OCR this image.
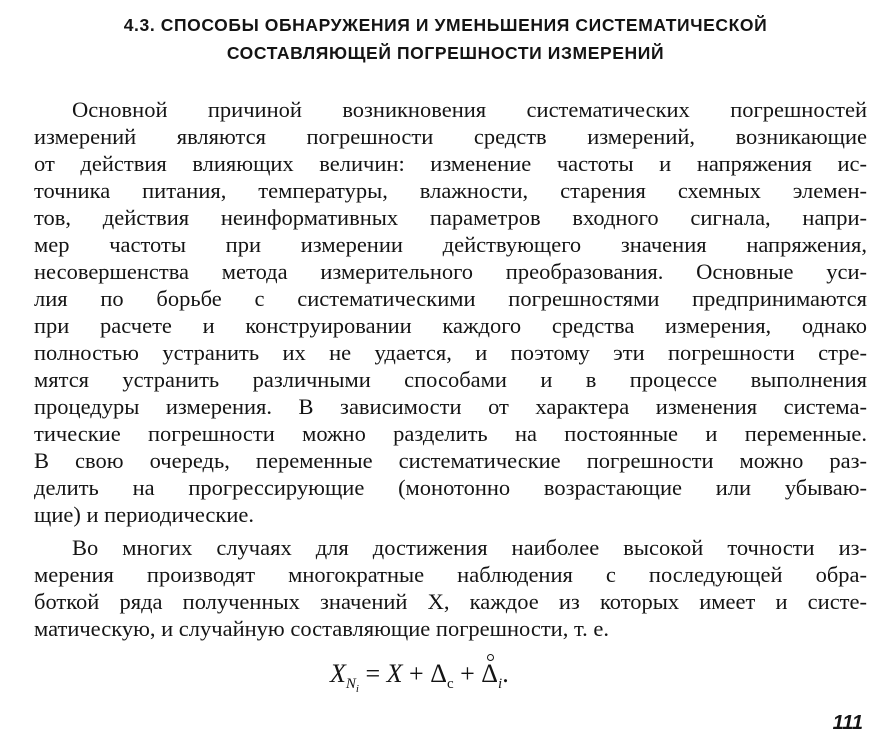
4.3. СПОСОБЫ ОБНАРУЖЕНИЯ И УМЕНЬШЕНИЯ СИСТЕМАТИЧЕСКОЙ
СОСТАВЛЯЮЩЕЙ ПОГРЕШНОСТИ ИЗМЕРЕНИЙ
Основной причиной возникновения систематических погрешностей
измерений являются погрешности средств измерений, возникающие
от действия влияющих величин: изменение частоты и напряжения ис-
точника питания, температуры, влажности, старения схемных элемен-
тов, действия неинформативных параметров входного сигнала, напри-
мер частоты при измерении действующего значения напряжения,
несовершенства метода измерительного преобразования. Основные уси-
лия по борьбе с систематическими погрешностями предпринимаются
при расчете и конструировании каждого средства измерения, однако
полностью устранить их не удается, и поэтому эти погрешности стре-
мятся устранить различными способами и в процессе выполнения
процедуры измерения. В зависимости от характера изменения система-
тические погрешности можно разделить на постоянные и переменные.
В свою очередь, переменные систематические погрешности можно раз-
делить на прогрессирующие (монотонно возрастающие или убываю-
щие) и периодические.
Во многих случаях для достижения наиболее высокой точности из-
мерения производят многократные наблюдения с последующей обра-
боткой ряда полученных значений X, каждое из которых имеет и систе-
матическую, и случайную составляющие погрешности, т. е.
$X_{N_i} = X + \Delta_c + \Delta_i$.
111
